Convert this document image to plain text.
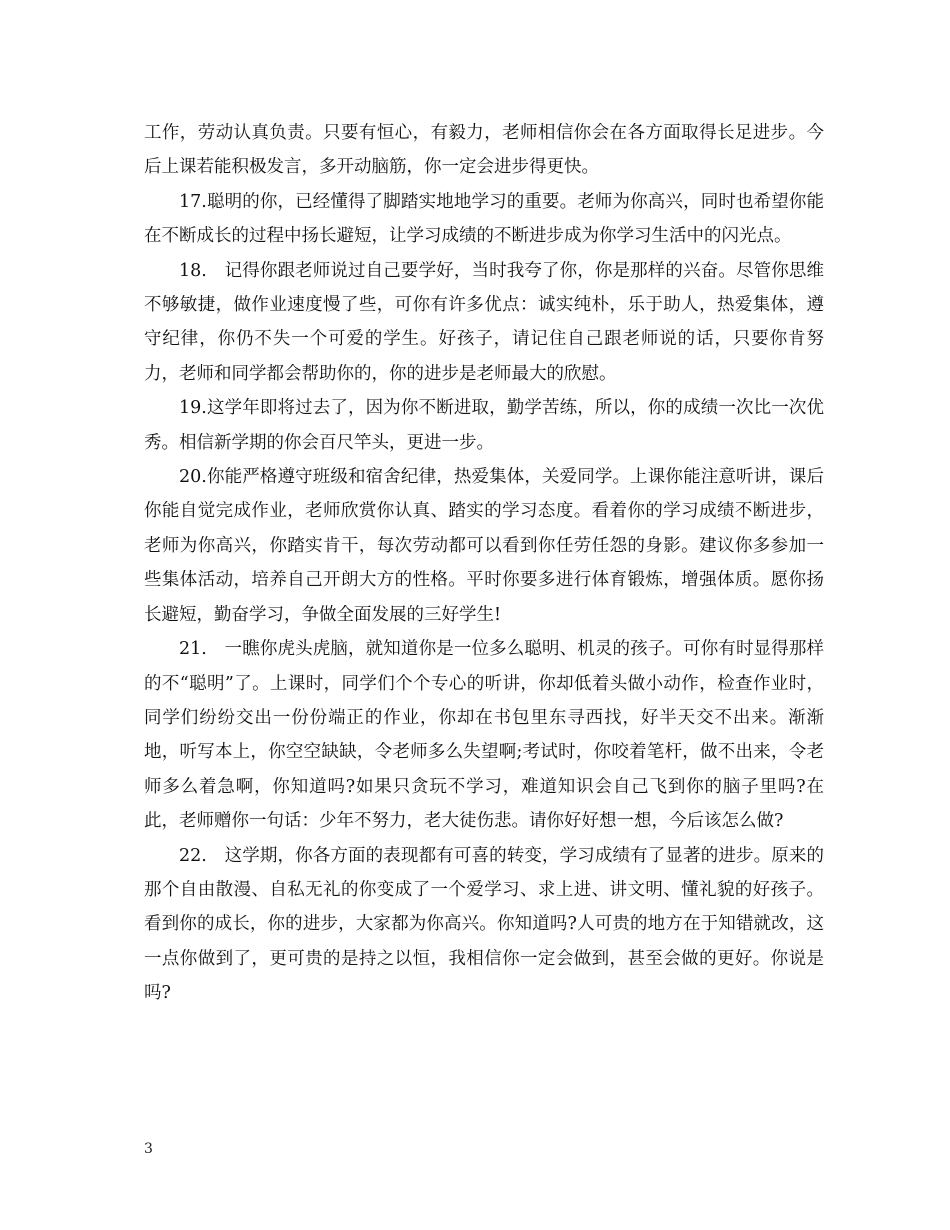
工作，劳动认真负责。只要有恒心，有毅力，老师相信你会在各方面取得长足进步。今后上课若能积极发言，多开动脑筋，你一定会进步得更快。

17.聪明的你，已经懂得了脚踏实地地学习的重要。老师为你高兴，同时也希望你能在不断成长的过程中扬长避短，让学习成绩的不断进步成为你学习生活中的闪光点。

18.　记得你跟老师说过自己要学好，当时我夸了你，你是那样的兴奋。尽管你思维不够敏捷，做作业速度慢了些，可你有许多优点：诚实纯朴，乐于助人，热爱集体，遵守纪律，你仍不失一个可爱的学生。好孩子，请记住自己跟老师说的话，只要你肯努力，老师和同学都会帮助你的，你的进步是老师最大的欣慰。

19.这学年即将过去了，因为你不断进取，勤学苦练，所以，你的成绩一次比一次优秀。相信新学期的你会百尺竿头，更进一步。

20.你能严格遵守班级和宿舍纪律，热爱集体，关爱同学。上课你能注意听讲，课后你能自觉完成作业，老师欣赏你认真、踏实的学习态度。看着你的学习成绩不断进步，老师为你高兴，你踏实肯干，每次劳动都可以看到你任劳任怨的身影。建议你多参加一些集体活动，培养自己开朗大方的性格。平时你要多进行体育锻炼，增强体质。愿你扬长避短，勤奋学习，争做全面发展的三好学生!

21.　一瞧你虎头虎脑，就知道你是一位多么聪明、机灵的孩子。可你有时显得那样的不“聪明”了。上课时，同学们个个专心的听讲，你却低着头做小动作，检查作业时，同学们纷纷交出一份份端正的作业，你却在书包里东寻西找，好半天交不出来。渐渐地，听写本上，你空空缺缺，令老师多么失望啊;考试时，你咬着笔杆，做不出来，令老师多么着急啊，你知道吗?如果只贪玩不学习，难道知识会自己飞到你的脑子里吗?在此，老师赠你一句话：少年不努力，老大徒伤悲。请你好好想一想，今后该怎么做?

22.　这学期，你各方面的表现都有可喜的转变，学习成绩有了显著的进步。原来的那个自由散漫、自私无礼的你变成了一个爱学习、求上进、讲文明、懂礼貌的好孩子。看到你的成长，你的进步，大家都为你高兴。你知道吗?人可贵的地方在于知错就改，这一点你做到了，更可贵的是持之以恒，我相信你一定会做到，甚至会做的更好。你说是吗?

3
